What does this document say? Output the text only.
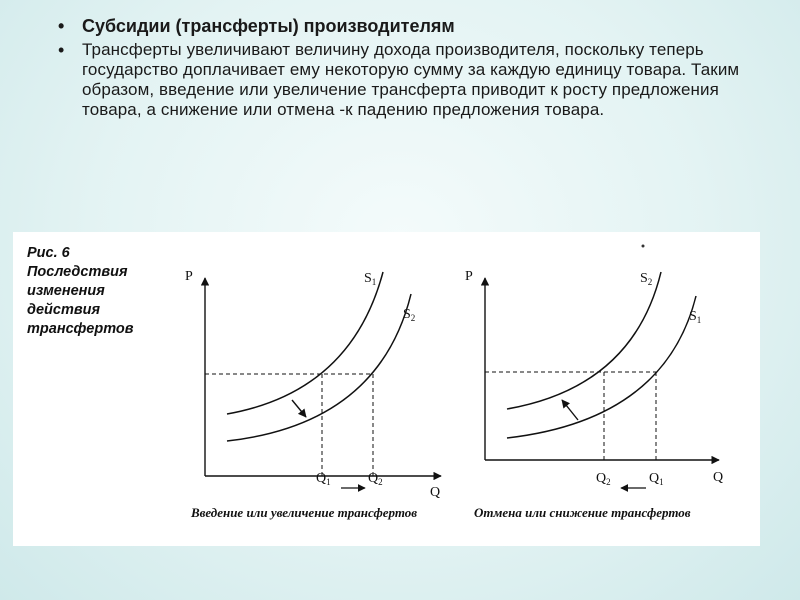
• Субсидии (трансферты) производителям
• Трансферты увеличивают величину дохода производителя, поскольку теперь государство доплачивает ему некоторую сумму за каждую единицу товара. Таким образом, введение или увеличение трансферта приводит к росту предложения товара, а снижение или отмена -к падению предложения товара.
Рис. 6
Последствия
изменения
действия
трансфертов
P
Q
$S_1$
$S_2$
$Q_1$	$Q_2$
Введение или увеличение трансфертов
P
Q
$S_2$
$S_1$
$Q_2$	$Q_1$
Отмена или снижение трансфертов
